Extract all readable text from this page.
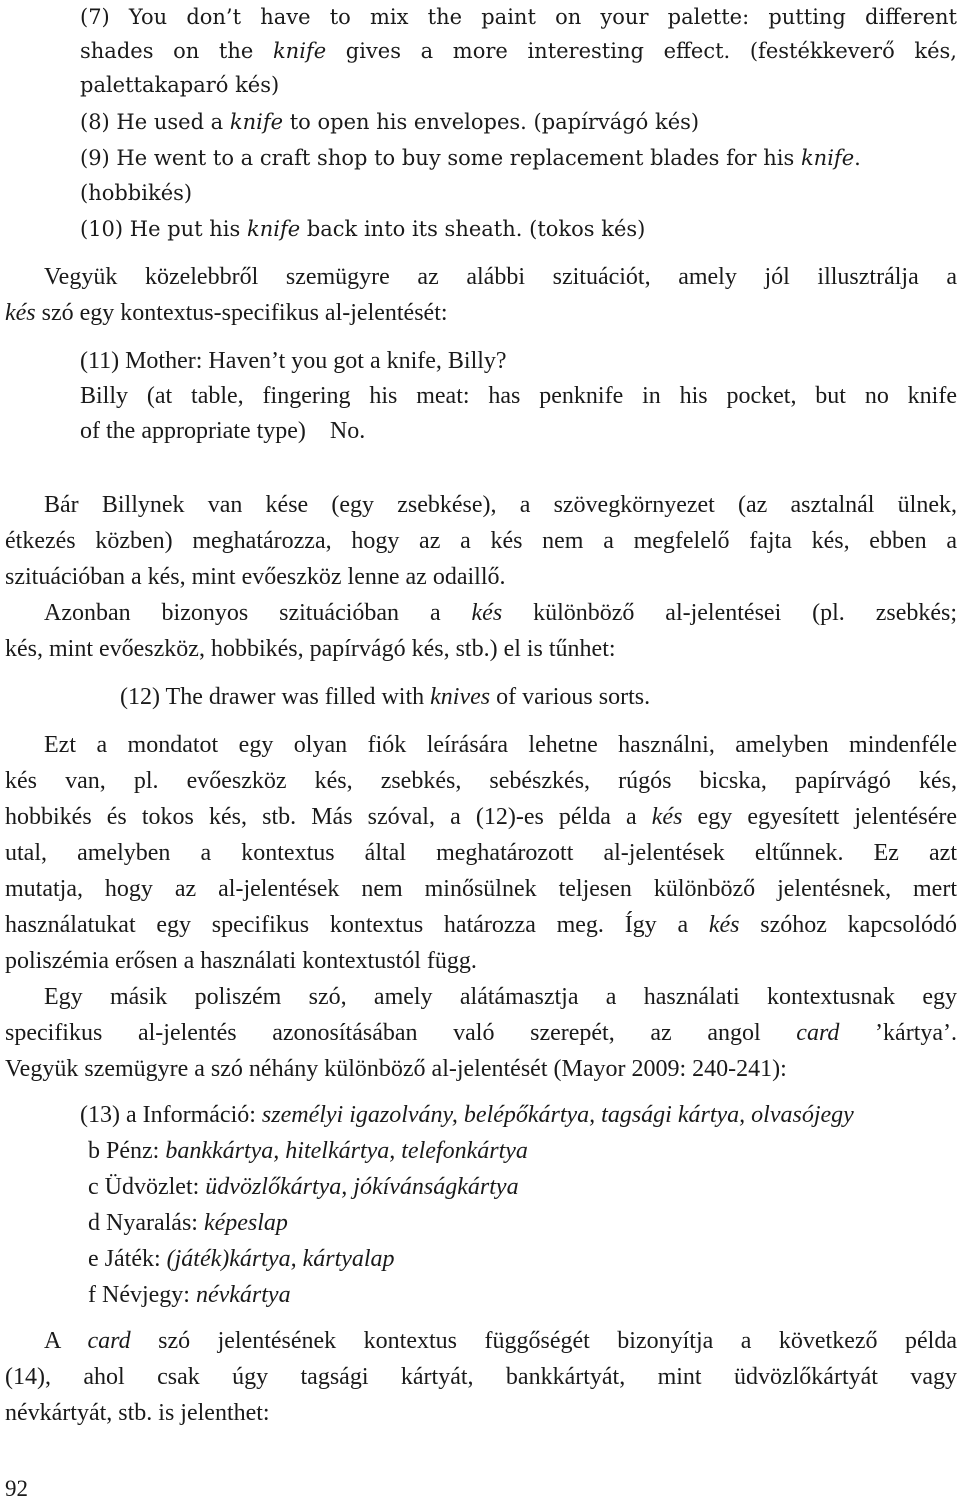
(7) You don’t have to mix the paint on your palette: putting different
shades on the knife gives a more interesting effect. (festékkeverő kés,
palettakaparó kés)
(8) He used a knife to open his envelopes. (papírvágó kés)
(9) He went to a craft shop to buy some replacement blades for his knife.
(hobbikés)
(10) He put his knife back into its sheath. (tokos kés)
Vegyük közelebbről szemügyre az alábbi szituációt, amely jól illusztrálja a
kés szó egy kontextus-specifikus al-jelentését:
(11) Mother: Haven’t you got a knife, Billy?
Billy (at table, fingering his meat: has penknife in his pocket, but no knife
of the appropriate type)    No.
Bár Billynek van kése (egy zsebkése), a szövegkörnyezet (az asztalnál ülnek,
étkezés közben) meghatározza, hogy az a kés nem a megfelelő fajta kés, ebben a
szituációban a kés, mint evőeszköz lenne az odaillő.
Azonban bizonyos szituációban a kés különböző al-jelentései (pl. zsebkés;
kés, mint evőeszköz, hobbikés, papírvágó kés, stb.) el is tűnhet:
(12) The drawer was filled with knives of various sorts.
Ezt a mondatot egy olyan fiók leírására lehetne használni, amelyben mindenféle
kés van, pl. evőeszköz kés, zsebkés, sebészkés, rúgós bicska, papírvágó kés,
hobbikés és tokos kés, stb. Más szóval, a (12)-es példa a kés egy egyesített jelentésére
utal, amelyben a kontextus által meghatározott al-jelentések eltűnnek. Ez azt
mutatja, hogy az al-jelentések nem minősülnek teljesen különböző jelentésnek, mert
használatukat egy specifikus kontextus határozza meg. Így a kés szóhoz kapcsolódó
poliszémia erősen a használati kontextustól függ.
Egy másik poliszém szó, amely alátámasztja a használati kontextusnak egy
specifikus al-jelentés azonosításában való szerepét, az angol card ’kártya’.
Vegyük szemügyre a szó néhány különböző al-jelentését (Mayor 2009: 240-241):
(13) a Információ: személyi igazolvány, belépőkártya, tagsági kártya, olvasójegy
b Pénz: bankkártya, hitelkártya, telefonkártya
c Üdvözlet: üdvözlőkártya, jókívánságkártya
d Nyaralás: képeslap
e Játék: (játék)kártya, kártyalap
f Névjegy: névkártya
A card szó jelentésének kontextus függőségét bizonyítja a következő példa
(14), ahol csak úgy tagsági kártyát, bankkártyát, mint üdvözlőkártyát vagy
névkártyát, stb. is jelenthet:
92
